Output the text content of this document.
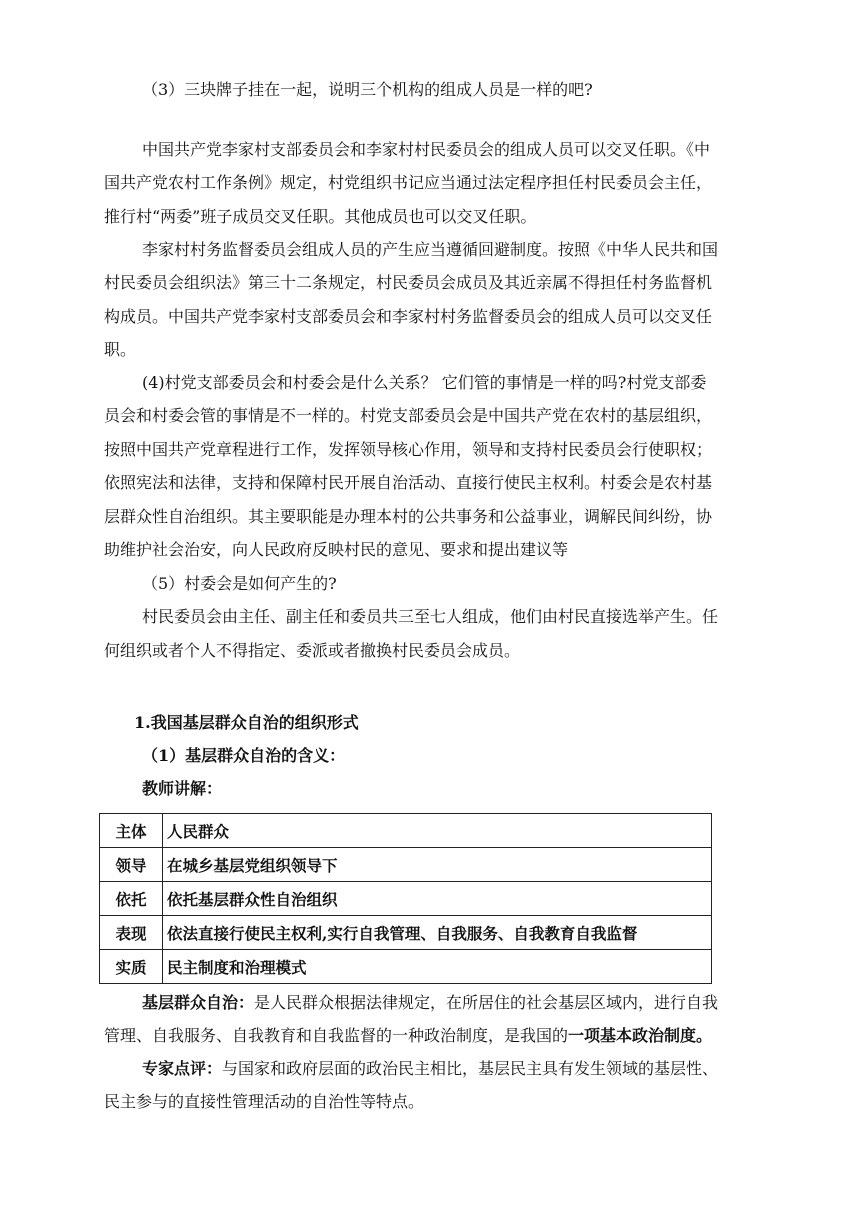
（3）三块牌子挂在一起，说明三个机构的组成人员是一样的吧?
中国共产党李家村支部委员会和李家村村民委员会的组成人员可以交叉任职。《中
国共产党农村工作条例》规定，村党组织书记应当通过法定程序担任村民委员会主任，
推行村“两委”班子成员交叉任职。其他成员也可以交叉任职。
李家村村务监督委员会组成人员的产生应当遵循回避制度。按照《中华人民共和国
村民委员会组织法》第三十二条规定，村民委员会成员及其近亲属不得担任村务监督机
构成员。中国共产党李家村支部委员会和李家村村务监督委员会的组成人员可以交叉任
职。
(4)村党支部委员会和村委会是什么关系？ 它们管的事情是一样的吗?村党支部委
员会和村委会管的事情是不一样的。村党支部委员会是中国共产党在农村的基层组织，
按照中国共产党章程进行工作，发挥领导核心作用，领导和支持村民委员会行使职权；
依照宪法和法律，支持和保障村民开展自治活动、直接行使民主权利。村委会是农村基
层群众性自治组织。其主要职能是办理本村的公共事务和公益事业，调解民间纠纷，协
助维护社会治安，向人民政府反映村民的意见、要求和提出建议等
（5）村委会是如何产生的?
村民委员会由主任、副主任和委员共三至七人组成，他们由村民直接选举产生。任
何组织或者个人不得指定、委派或者撤换村民委员会成员。
1.我国基层群众自治的组织形式
（1）基层群众自治的含义：
教师讲解：
主体	人民群众
领导	在城乡基层党组织领导下
依托	依托基层群众性自治组织
表现	依法直接行使民主权利,实行自我管理、自我服务、自我教育自我监督
实质	民主制度和治理模式
基层群众自治：是人民群众根据法律规定，在所居住的社会基层区域内，进行自我
管理、自我服务、自我教育和自我监督的一种政治制度，是我国的一项基本政治制度。
专家点评：与国家和政府层面的政治民主相比，基层民主具有发生领域的基层性、
民主参与的直接性管理活动的自治性等特点。
